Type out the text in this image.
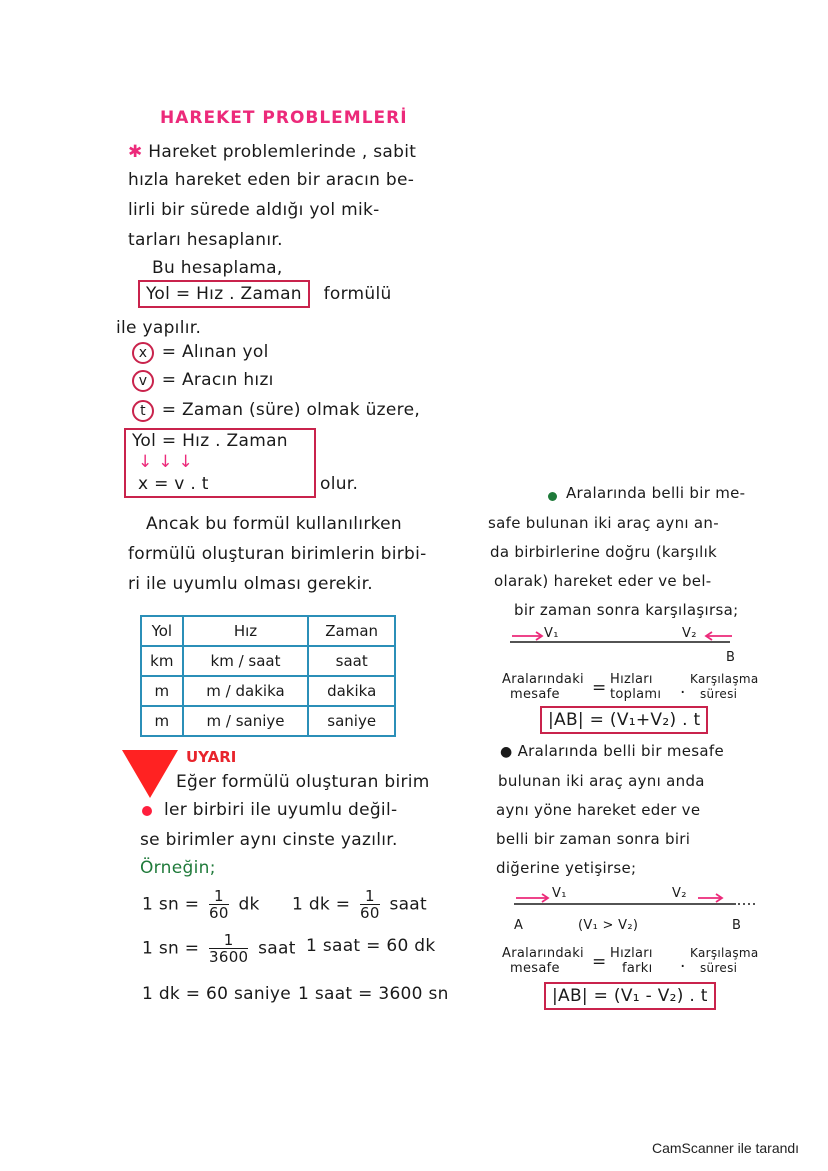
HAREKET PROBLEMLERİ
✱ Hareket problemlerinde , sabit
hızla hareket eden bir aracın be-
lirli bir sürede aldığı yol mik-
tarları hesaplanır.
Bu hesaplama,
Yol = Hız . Zaman formülü
ile yapılır.
x = Alınan yol
v = Aracın hızı
t = Zaman (süre) olmak üzere,
Yol = Hız . Zaman
↓ ↓ ↓
x = v . t	olur.
Ancak bu formül kullanılırken
formülü oluşturan birimlerin birbi-
ri ile uyumlu olması gerekir.
Yol	Hız	Zaman
km	km / saat	saat
m	m / dakika	dakika
m	m / saniye	saniye
UYARI
Eğer formülü oluşturan birim
ler birbiri ile uyumlu değil-
se birimler aynı cinste yazılır.
Örneğin;
1 sn = $\frac{1}{60}$ dk 1 dk = $\frac{1}{60}$ saat
1 sn = $\frac{1}{3600}$ saat 1 saat = 60 dk
1 dk = 60 saniye 1 saat = 3600 sn
Aralarında belli bir me-
safe bulunan iki araç aynı an-
da birbirlerine doğru (karşılık
olarak) hareket eder ve bel-
bir zaman sonra karşılaşırsa;
V₁	V₂
B
Aralarındaki
mesafe	= Hızları
toplamı . Karşılaşma
süresi
|AB| = (V₁+V₂) . t
● Aralarında belli bir mesafe
bulunan iki araç aynı anda
aynı yöne hareket eder ve
belli bir zaman sonra biri
diğerine yetişirse;
V₁	V₂
A	(V₁ > V₂)	B
Aralarındaki
mesafe	= Hızları
farkı . Karşılaşma
süresi
|AB| = (V₁ - V₂) . t
CamScanner ile tarandı
